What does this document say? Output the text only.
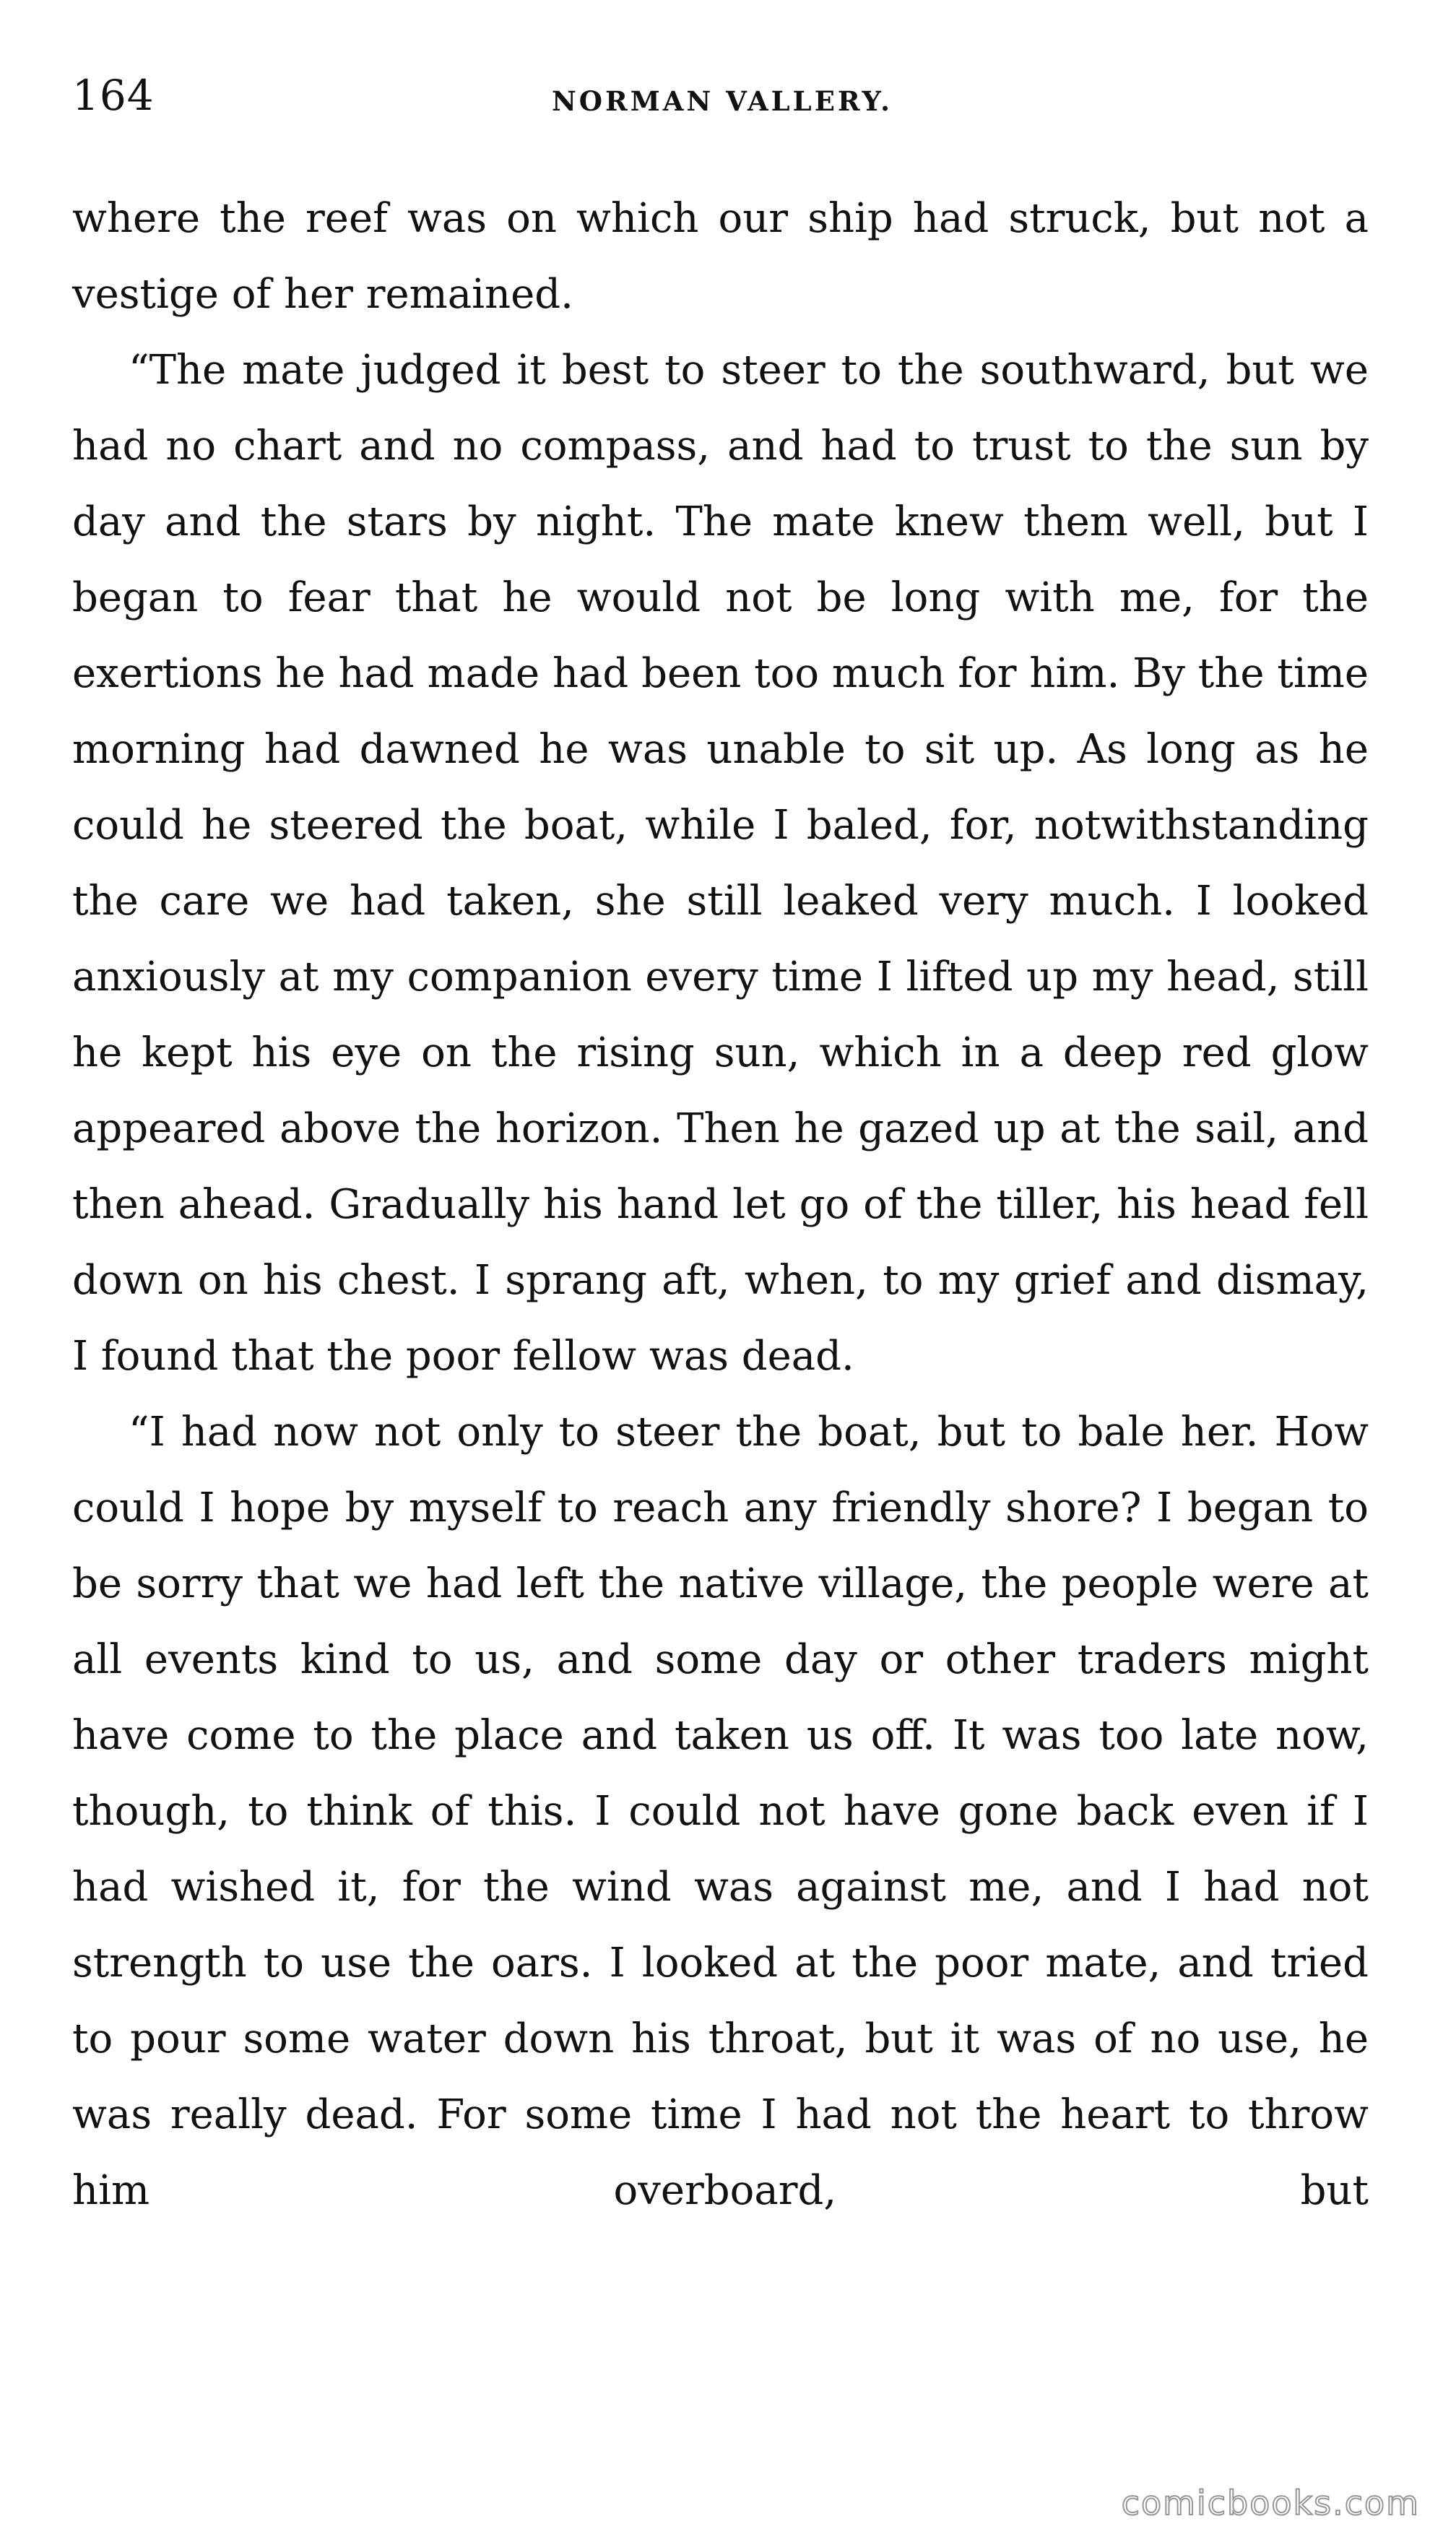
164	NORMAN VALLERY.

where the reef was on which our ship had struck, but not a vestige of her remained.

“The mate judged it best to steer to the southward, but we had no chart and no compass, and had to trust to the sun by day and the stars by night. The mate knew them well, but I began to fear that he would not be long with me, for the exertions he had made had been too much for him. By the time morning had dawned he was unable to sit up. As long as he could he steered the boat, while I baled, for, notwithstanding the care we had taken, she still leaked very much. I looked anxiously at my companion every time I lifted up my head, still he kept his eye on the rising sun, which in a deep red glow appeared above the horizon. Then he gazed up at the sail, and then ahead. Gradually his hand let go of the tiller, his head fell down on his chest. I sprang aft, when, to my grief and dismay, I found that the poor fellow was dead.

“I had now not only to steer the boat, but to bale her. How could I hope by myself to reach any friendly shore? I began to be sorry that we had left the native village, the people were at all events kind to us, and some day or other traders might have come to the place and taken us off. It was too late now, though, to think of this. I could not have gone back even if I had wished it, for the wind was against me, and I had not strength to use the oars. I looked at the poor mate, and tried to pour some water down his throat, but it was of no use, he was really dead. For some time I had not the heart to throw him overboard, but

comicbooks.com
